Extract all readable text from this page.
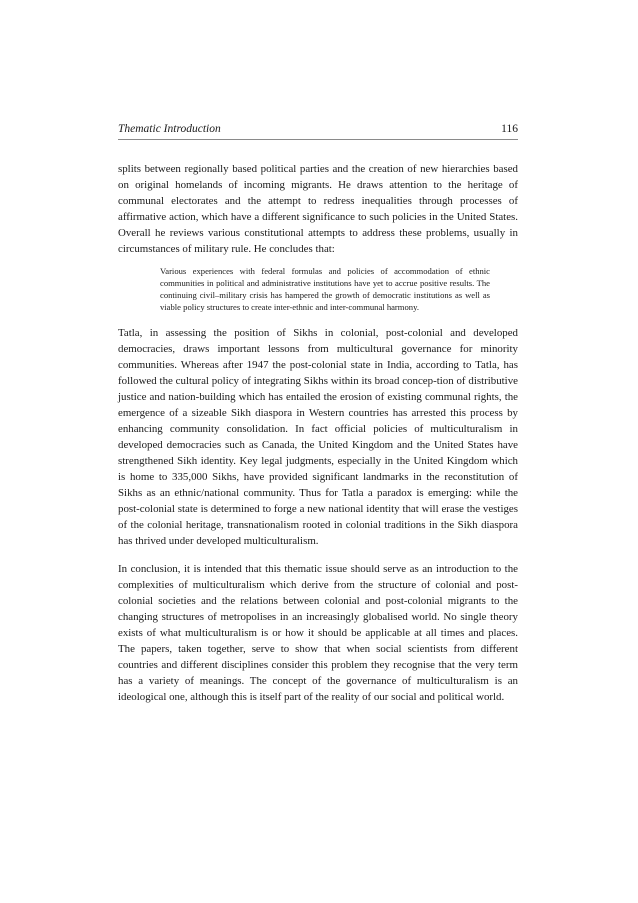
Thematic Introduction	116

splits between regionally based political parties and the creation of new hierarchies based on original homelands of incoming migrants. He draws attention to the heritage of communal electorates and the attempt to redress inequalities through processes of affirmative action, which have a different significance to such policies in the United States. Overall he reviews various constitutional attempts to address these problems, usually in circumstances of military rule. He concludes that:

Various experiences with federal formulas and policies of accommodation of ethnic communities in political and administrative institutions have yet to accrue positive results. The continuing civil–military crisis has hampered the growth of democratic institutions as well as viable policy structures to create inter-ethnic and inter-communal harmony.

Tatla, in assessing the position of Sikhs in colonial, post-colonial and developed democracies, draws important lessons from multicultural governance for minority communities. Whereas after 1947 the post-colonial state in India, according to Tatla, has followed the cultural policy of integrating Sikhs within its broad concep-tion of distributive justice and nation-building which has entailed the erosion of existing communal rights, the emergence of a sizeable Sikh diaspora in Western countries has arrested this process by enhancing community consolidation. In fact official policies of multiculturalism in developed democracies such as Canada, the United Kingdom and the United States have strengthened Sikh identity. Key legal judgments, especially in the United Kingdom which is home to 335,000 Sikhs, have provided significant landmarks in the reconstitution of Sikhs as an ethnic/national community. Thus for Tatla a paradox is emerging: while the post-colonial state is determined to forge a new national identity that will erase the vestiges of the colonial heritage, transnationalism rooted in colonial traditions in the Sikh diaspora has thrived under developed multiculturalism.

In conclusion, it is intended that this thematic issue should serve as an introduction to the complexities of multiculturalism which derive from the structure of colonial and post-colonial societies and the relations between colonial and post-colonial migrants to the changing structures of metropolises in an increasingly globalised world. No single theory exists of what multiculturalism is or how it should be applicable at all times and places. The papers, taken together, serve to show that when social scientists from different countries and different disciplines consider this problem they recognise that the very term has a variety of meanings. The concept of the governance of multiculturalism is an ideological one, although this is itself part of the reality of our social and political world.
